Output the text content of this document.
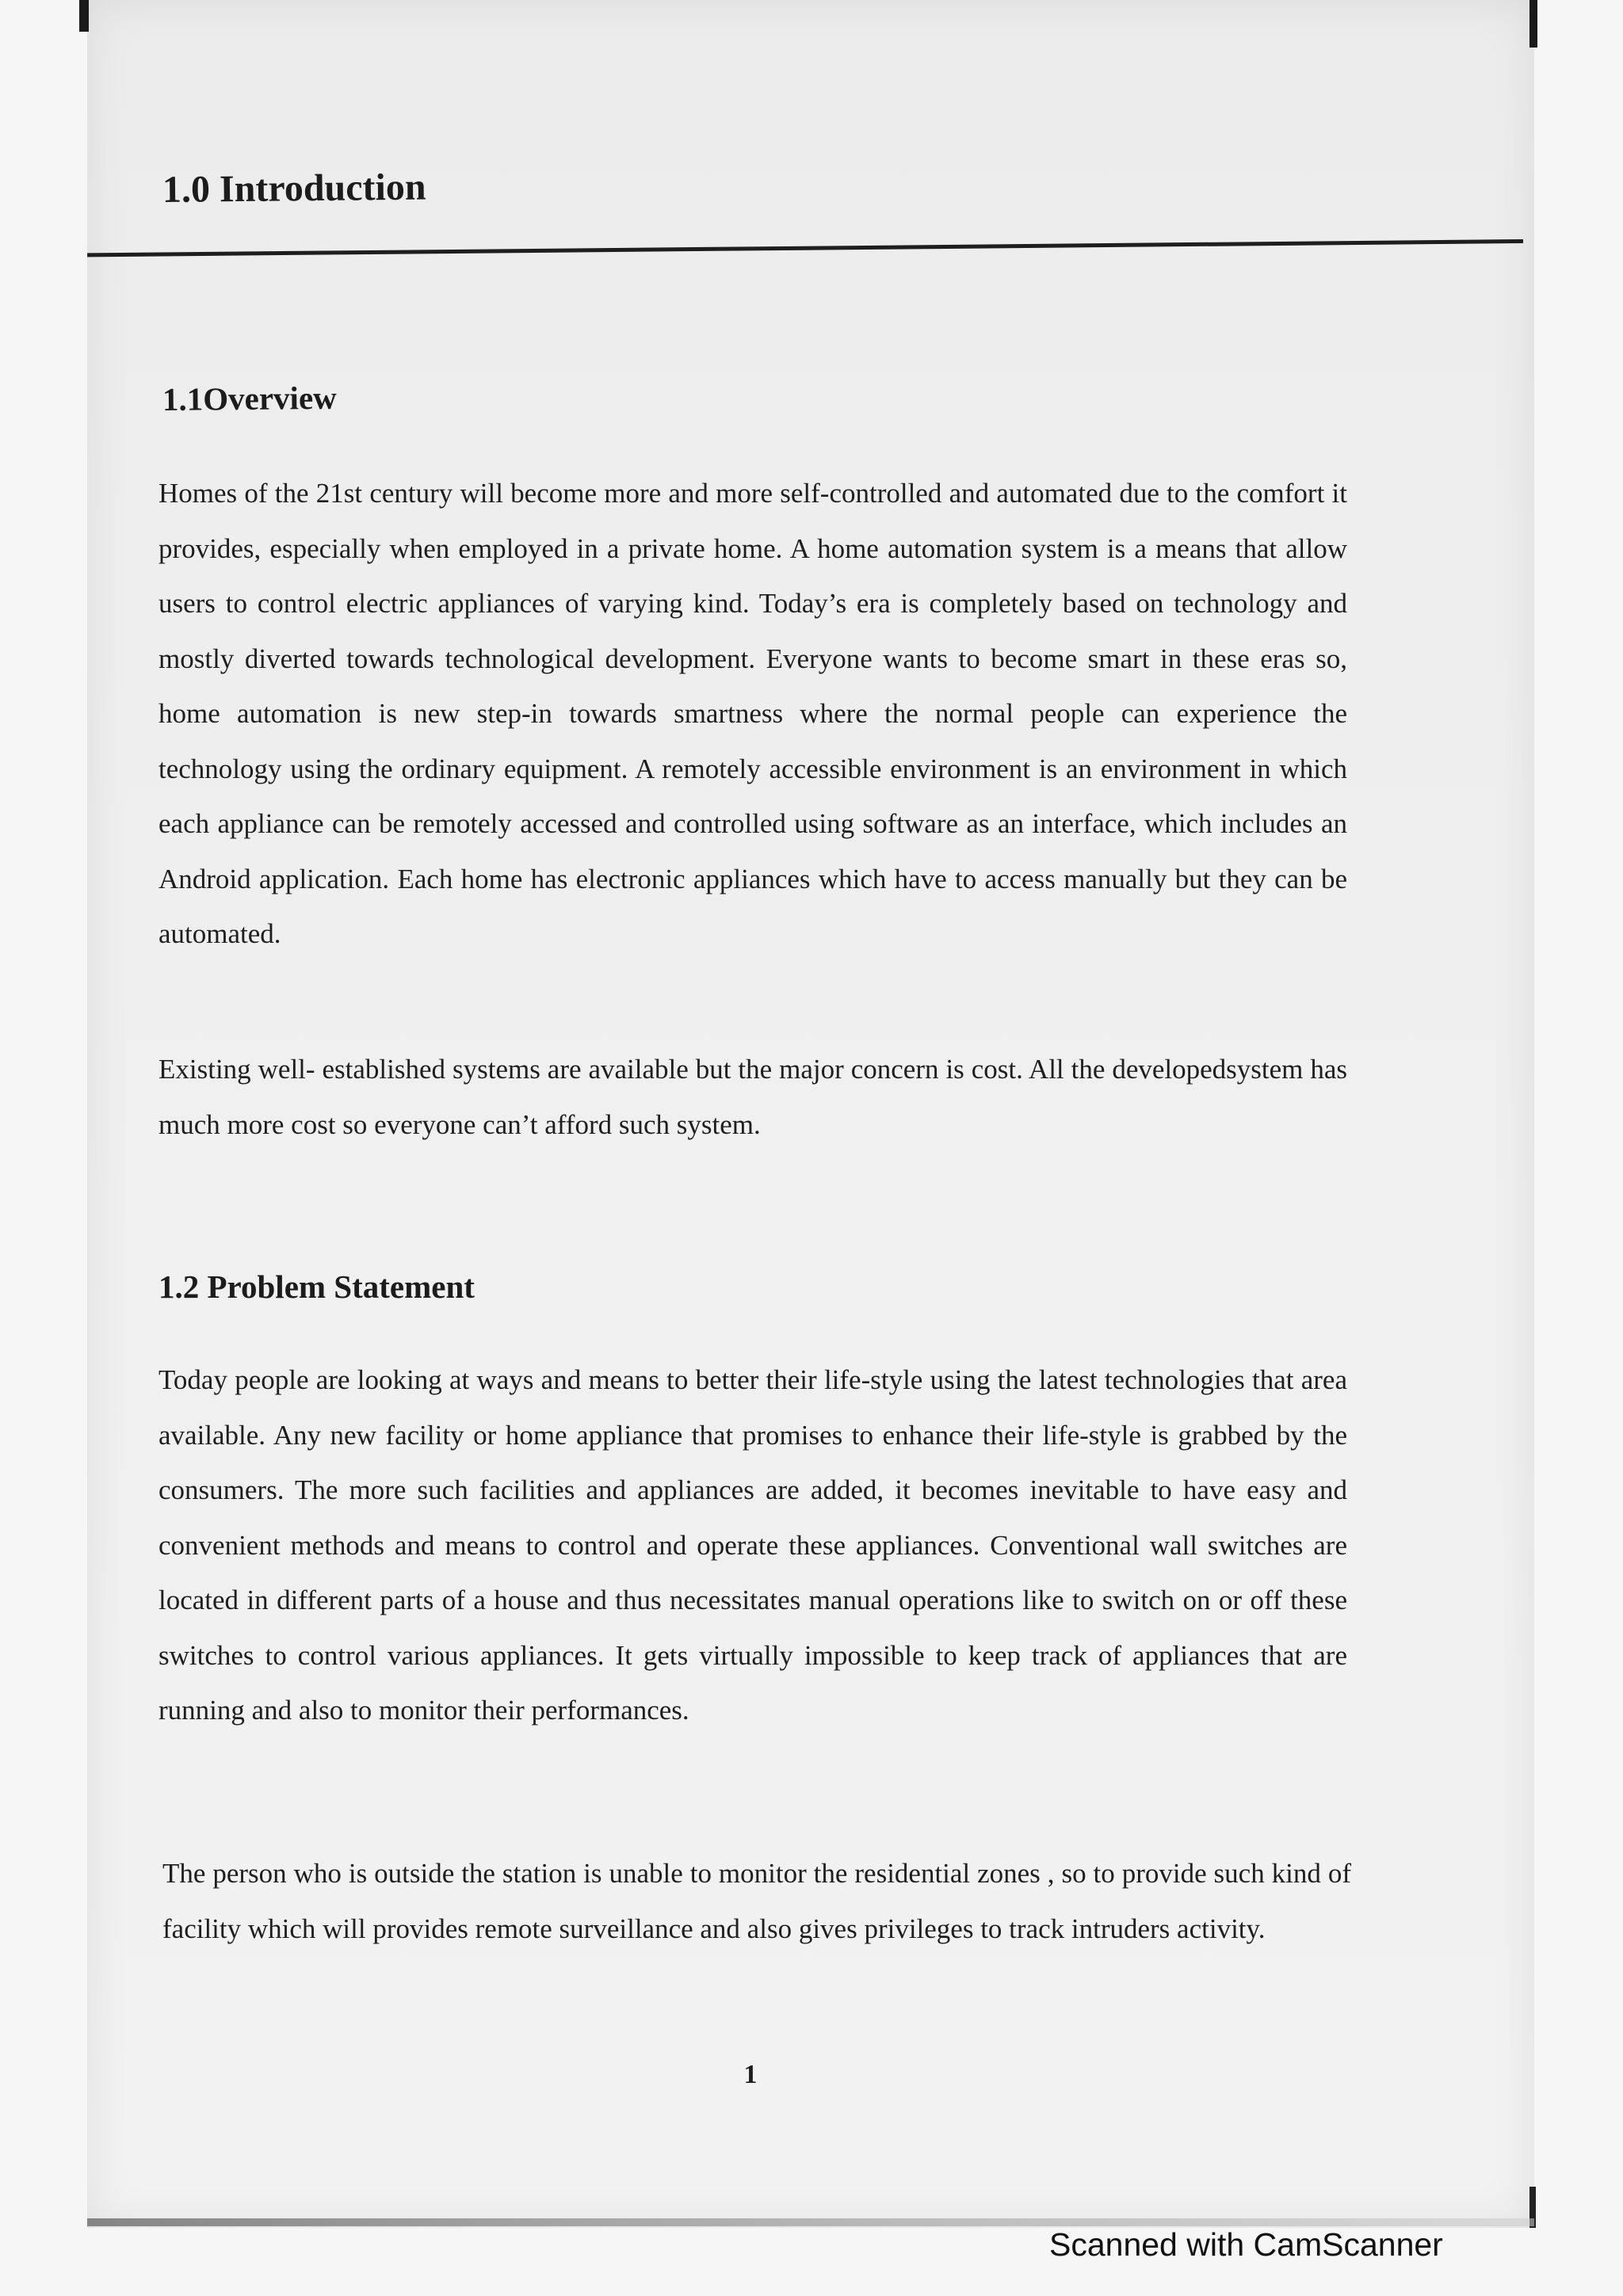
1.0 Introduction
1.1Overview

Homes of the 21st century will become more and more self-controlled and automated due to the comfort it provides, especially when employed in a private home. A home automation system is a means that allow users to control electric appliances of varying kind. Today’s era is completely based on technology and mostly diverted towards technological development. Everyone wants to become smart in these eras so, home automation is new step-in towards smartness where the normal people can experience the technology using the ordinary equipment. A remotely accessible environment is an environment in which each appliance can be remotely accessed and controlled using software as an interface, which includes an Android application. Each home has electronic appliances which have to access manually but they can be automated.

Existing well- established systems are available but the major concern is cost. All the developedsystem has much more cost so everyone can’t afford such system.

1.2 Problem Statement

Today people are looking at ways and means to better their life-style using the latest technologies that area available. Any new facility or home appliance that promises to enhance their life-style is grabbed by the consumers. The more such facilities and appliances are added, it becomes inevitable to have easy and convenient methods and means to control and operate these appliances. Conventional wall switches are located in different parts of a house and thus necessitates manual operations like to switch on or off these switches to control various appliances. It gets virtually impossible to keep track of appliances that are running and also to monitor their performances.

The person who is outside the station is unable to monitor the residential zones , so to provide such kind of facility which will provides remote surveillance and also gives privileges to track intruders activity.

1

Scanned with CamScanner
